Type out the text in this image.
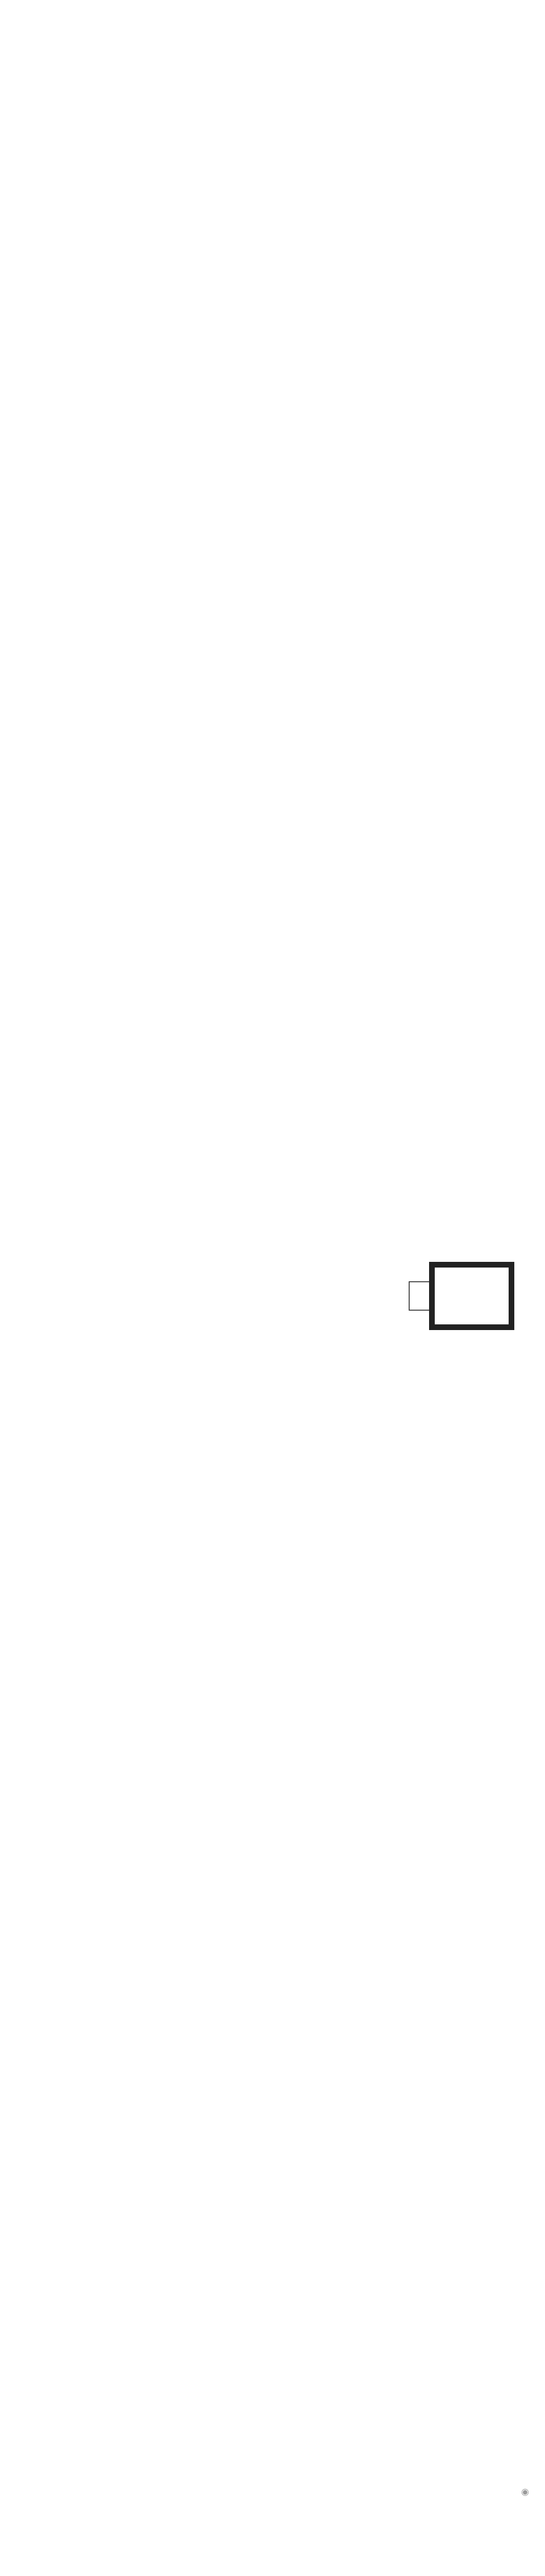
◉
